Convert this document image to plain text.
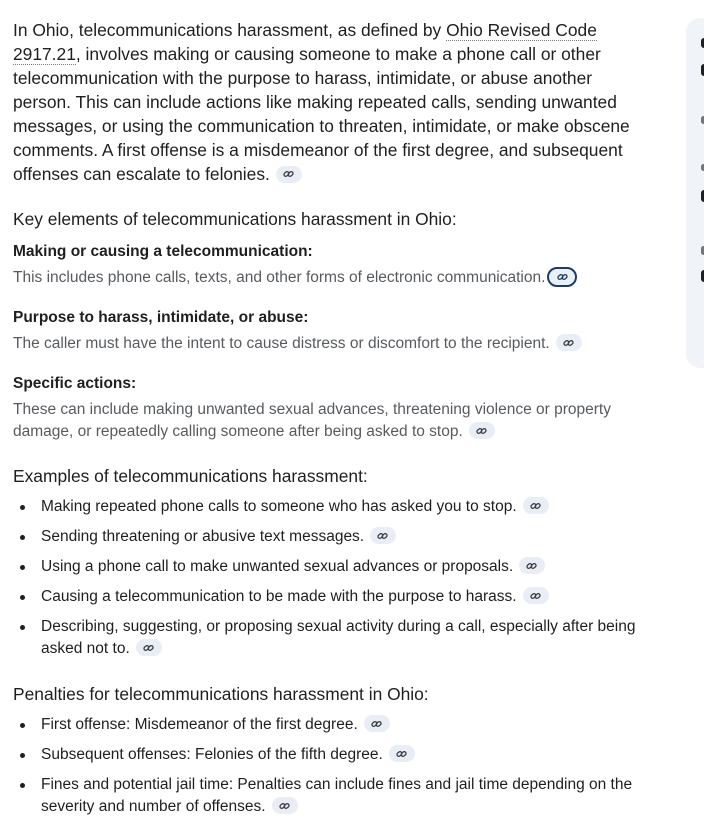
In Ohio, telecommunications harassment, as defined by Ohio Revised Code 2917.21, involves making or causing someone to make a phone call or other telecommunication with the purpose to harass, intimidate, or abuse another person. This can include actions like making repeated calls, sending unwanted messages, or using the communication to threaten, intimidate, or make obscene comments. A first offense is a misdemeanor of the first degree, and subsequent offenses can escalate to felonies.

Key elements of telecommunications harassment in Ohio:

Making or causing a telecommunication:

This includes phone calls, texts, and other forms of electronic communication.

Purpose to harass, intimidate, or abuse:

The caller must have the intent to cause distress or discomfort to the recipient.

Specific actions:

These can include making unwanted sexual advances, threatening violence or property damage, or repeatedly calling someone after being asked to stop.

Examples of telecommunications harassment:
Making repeated phone calls to someone who has asked you to stop.
Sending threatening or abusive text messages.
Using a phone call to make unwanted sexual advances or proposals.
Causing a telecommunication to be made with the purpose to harass.
Describing, suggesting, or proposing sexual activity during a call, especially after being asked not to.
Penalties for telecommunications harassment in Ohio:
First offense: Misdemeanor of the first degree.
Subsequent offenses: Felonies of the fifth degree.
Fines and potential jail time: Penalties can include fines and jail time depending on the severity and number of offenses.
